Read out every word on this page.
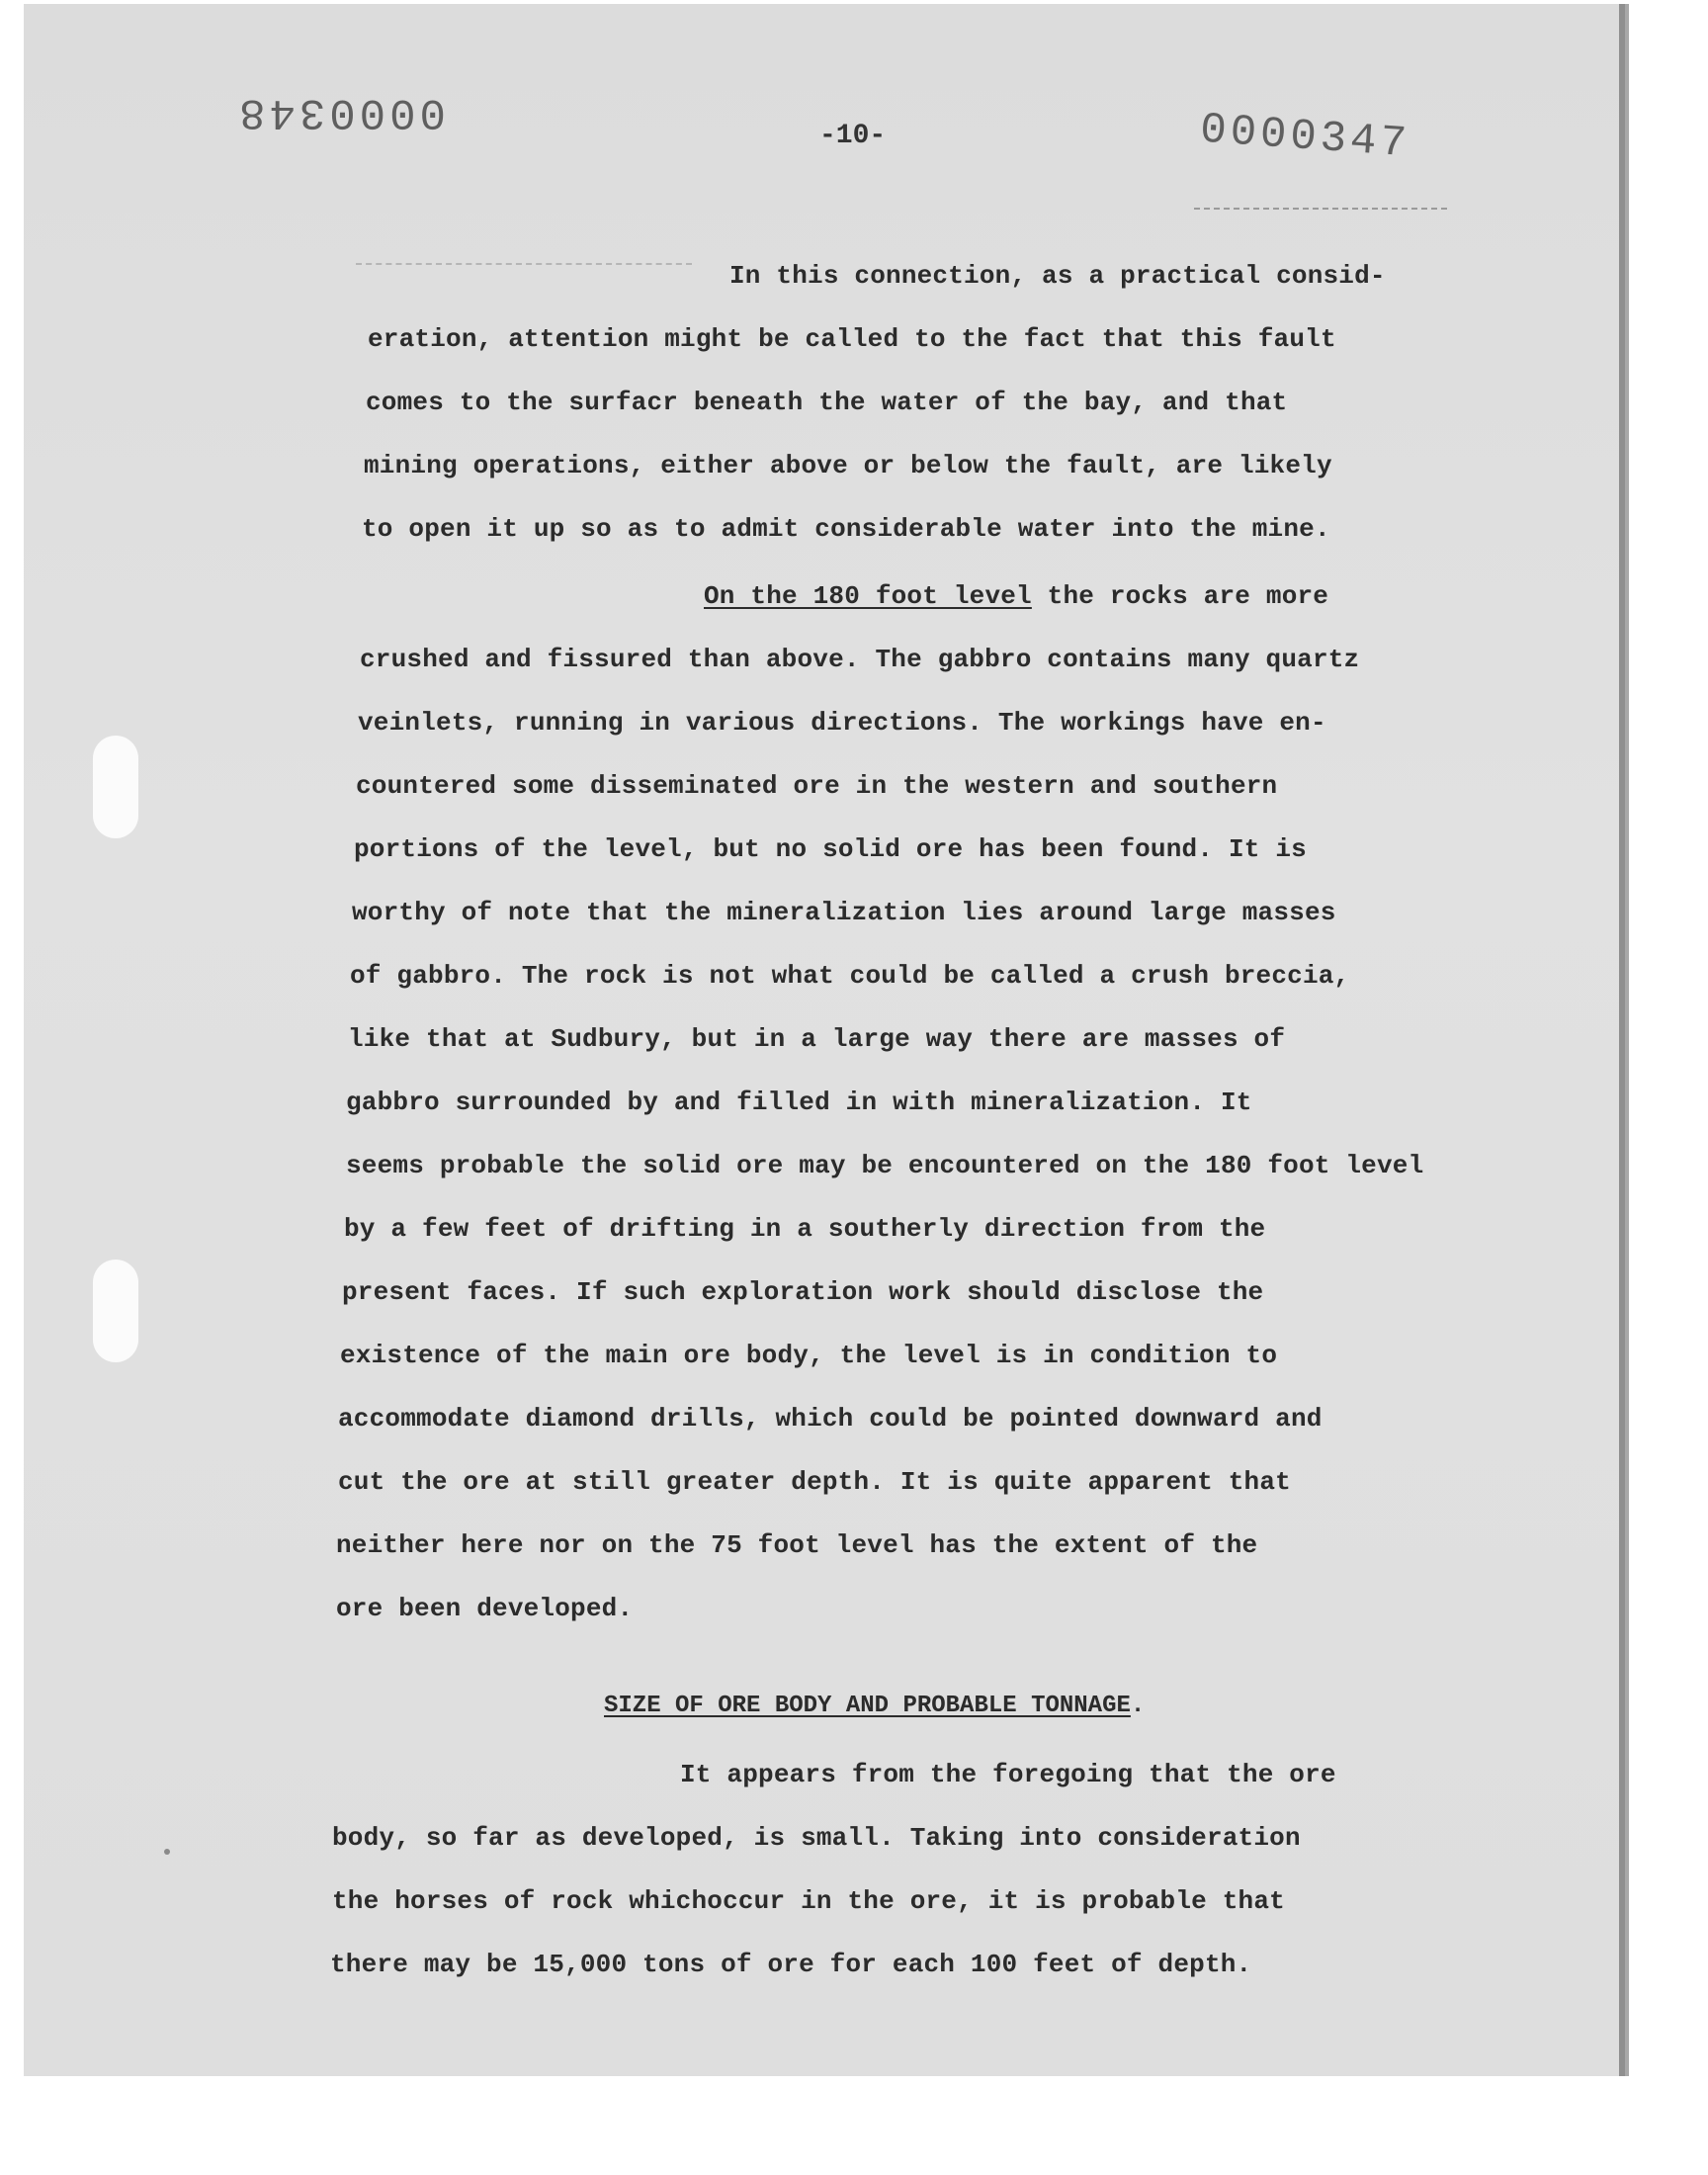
0000348	0000347
-10-
In this connection, as a practical consid-
eration, attention might be called to the fact that this fault
comes to the surfacr beneath the water of the bay, and that
mining operations, either above or below the fault, are likely
to open it up so as to admit considerable water into the mine.
On the 180 foot level the rocks are more
crushed and fissured than above. The gabbro contains many quartz
veinlets, running in various directions. The workings have en-
countered some disseminated ore in the western and southern
portions of the level, but no solid ore has been found. It is
worthy of note that the mineralization lies around large masses
of gabbro. The rock is not what could be called a crush breccia,
like that at Sudbury, but in a large way there are masses of
gabbro surrounded by and filled in with mineralization. It
seems probable the solid ore may be encountered on the 180 foot level
by a few feet of drifting in a southerly direction from the
present faces. If such exploration work should disclose the
existence of the main ore body, the level is in condition to
accommodate diamond drills, which could be pointed downward and
cut the ore at still greater depth. It is quite apparent that
neither here nor on the 75 foot level has the extent of the
ore been developed.
SIZE OF ORE BODY AND PROBABLE TONNAGE.
It appears from the foregoing that the ore
body, so far as developed, is small. Taking into consideration
the horses of rock whichoccur in the ore, it is probable that
there may be 15,000 tons of ore for each 100 feet of depth.
